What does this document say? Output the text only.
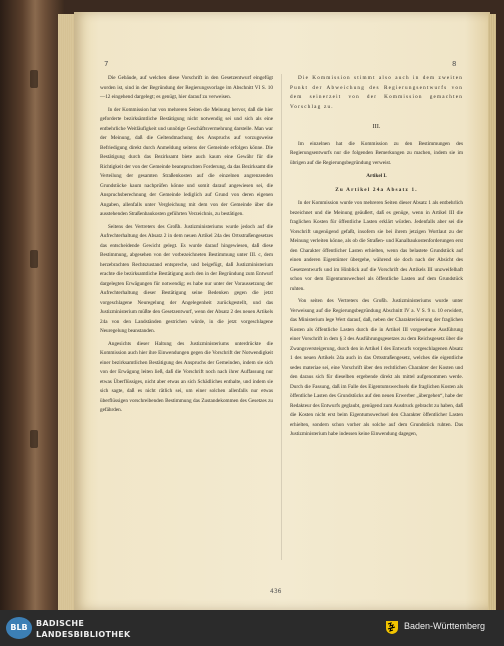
7	8

Die Gebäude, auf welchen diese Vorschrift in den Gesetzentwurf eingefügt worden ist, sind in der Begründung der Regierungsvorlage im Abschnitt VI S. 10—12 eingehend dargelegt; es genügt, hier darauf zu verweisen.

In der Kommission hat von mehreren Seiten die Meinung hervor, daß die hier geforderte bezirksämtliche Bestätigung nicht notwendig sei und sich als eine entbehrliche Weitläufigkeit und unnötige Geschäftsvermehrung darstelle. Man war der Meinung, daß die Geltendmachung des Anspruchs auf vorzugsweise Befriedigung direkt durch Anmeldung seitens der Gemeinde erfolgen könne. Die Bestätigung durch das Bezirksamt biete auch kaum eine Gewähr für die Richtigkeit der von der Gemeinde beanspruchten Forderung, da das Bezirksamt die Verteilung der gesamten Straßenkosten auf die einzelnen angrenzenden Grundstücke kaum nachprüfen könne und somit darauf angewiesen sei, die Anspruchsberechnung der Gemeinde lediglich auf Grund von deren eigenen Angaben, allenfalls unter Vergleichung mit dem von der Gemeinde über die ausstehenden Straßenbaukosten geführten Verzeichnis, zu bestätigen.

Seitens des Vertreters des Großh. Justizministeriums wurde jedoch auf die Aufrechterhaltung des Absatz 2 in dem neuen Artikel 24a des Ortsstraßengesetzes das entscheidende Gewicht gelegt. Es wurde darauf hingewiesen, daß diese Bestimmung, abgesehen von der vorbezeichneten Bestimmung unter III. c, dem herzebrachten Rechtszustand entspreche, und beigefügt, daß Justizministerium erachte die bezirksamtliche Bestätigung auch den in der Begründung zum Entwurf dargelegten Erwägungen für notwendig; es habe nur unter der Voraussetzung der Aufrechterhaltung dieser Bestätigung seine Bedenken gegen die jetzt vorgeschlagene Neuregelung der Angelegenheit zurückgestellt, und das Justizministerium müßte den Gesetzentwurf, wenn der Absatz 2 des neuen Artikels 24a von den Landständen gestrichen würde, in die jetzt vorgeschlagene Neuregelung beanstanden.

Angesichts dieser Haltung des Justizministeriums unterdrückte die Kommission auch hier ihre Einwendungen gegen die Vorschrift der Notwendigkeit einer bezirksamtlichen Bestätigung des Anspruchs der Gemeinden, indem sie sich von der Erwägung leiten ließ, daß die Vorschrift noch nach ihrer Auffassung nur etwas Überflüssiges, nicht aber etwas an sich Schädliches enthalte, und indem sie sich sagte, daß es nicht rätlich sei, um einer solchen allenfalls nur etwas überflüssigen vorschreibenden Bestimmung das Zustandekommen des Gesetzes zu gefährden.

Die Kommission stimmt also auch in dem zweiten Punkt der Abweichung des Regierungsentwurfs von dem seinerzeit von der Kommission gemachten Vorschlag zu.

III.

Im einzelnen hat die Kommission zu den Bestimmungen des Regierungsentwurfs nur die folgenden Bemerkungen zu machen, indem sie im übrigen auf die Regierungsbegründung verweist.

Artikel I.

Zu Artikel 24a Absatz 1.

In der Kommission wurde von mehreren Seiten dieser Absatz 1 als entbehrlich bezeichnet und die Meinung geäußert, daß es genüge, wenn in Artikel III die fraglichen Kosten für öffentliche Lasten erklärt würden. Jedenfalls aber sei die Vorschrift ungenügend gefaßt, insofern sie bei ihrem jetzigen Wortlaut zu der Meinung verleiten könne, als ob die Straßen- und Kanalbaukostenforderungen erst den Charakter öffentlicher Lasten erhielten, wenn das belastete Grundstück auf einen anderen Eigentümer übergehe, während sie doch nach der Absicht des Gesetzentwurfs und im Hinblick auf die Vorschrift des Artikels III unzweifelhaft schon vor dem Eigentumswechsel als öffentliche Lasten auf dem Grundstück ruhten.

Von seiten des Vertreters des Großh. Justizministeriums wurde unter Verweisung auf die Regierungsbegründung Abschnitt IV a. V S. 9 u. 10 erwidert, das Ministerium lege Wert darauf, daß, neben der Charakterisierung der fraglichen Kosten als öffentliche Lasten durch die in Artikel III vorgesehene Ausführung einer Vorschrift in dem § 3 des Ausführungsgesetzes zu dem Reichsgesetz über die Zwangsversteigerung, durch den in Artikel I des Entwurfs vorgeschlagenen Absatz 1 des neuen Artikels 24a auch in das Ortsstraßengesetz, welches die eigentliche sedes materiae sei, eine Vorschrift über den rechtlichen Charakter der Kosten und den daraus sich für dieselben ergebende direkt als mittel aufgenommen werde. Durch die Fassung, daß im Falle des Eigentumswechsels die fraglichen Kosten als öffentliche Lasten des Grundstücks auf den neuen Erwerber „übergehen“, habe der Redakteur des Entwurfs geglaubt, genügend zum Ausdruck gebracht zu haben, daß die Kosten nicht erst beim Eigentumswechsel den Charakter öffentlicher Lasten erhielten, sondern schon vorher als solche auf dem Grundstück ruhten. Das Justizministerium habe indessen keine Einwendung dagegen,

436
BLB	BADISCHE
LANDESBIBLIOTHEK
Baden-Württemberg
